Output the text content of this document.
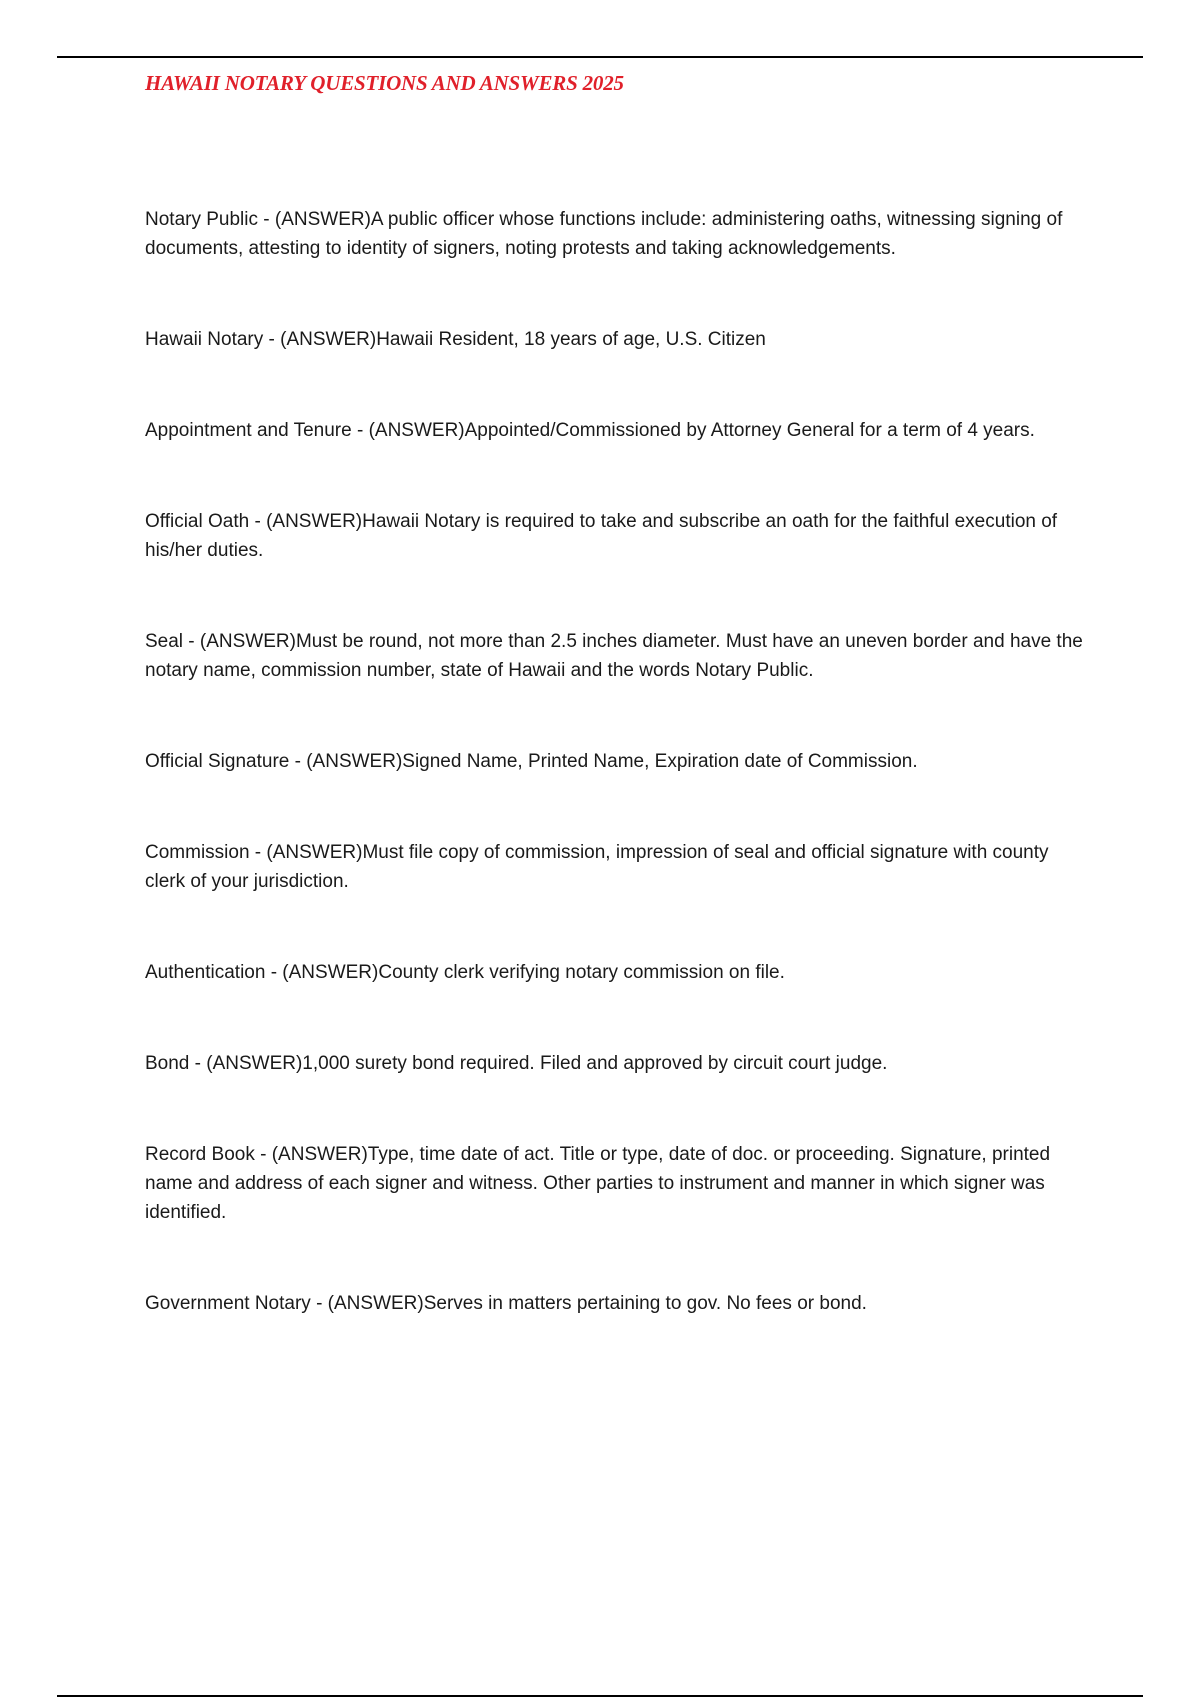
HAWAII NOTARY QUESTIONS AND ANSWERS 2025
Notary Public - (ANSWER)A public officer whose functions include: administering oaths, witnessing signing of documents, attesting to identity of signers, noting protests and taking acknowledgements.
Hawaii Notary - (ANSWER)Hawaii Resident, 18 years of age, U.S. Citizen
Appointment and Tenure - (ANSWER)Appointed/Commissioned by Attorney General for a term of 4 years.
Official Oath - (ANSWER)Hawaii Notary is required to take and subscribe an oath for the faithful execution of his/her duties.
Seal - (ANSWER)Must be round, not more than 2.5 inches diameter. Must have an uneven border and have the notary name, commission number, state of Hawaii and the words Notary Public.
Official Signature - (ANSWER)Signed Name, Printed Name, Expiration date of Commission.
Commission - (ANSWER)Must file copy of commission, impression of seal and official signature with county clerk of your jurisdiction.
Authentication - (ANSWER)County clerk verifying notary commission on file.
Bond - (ANSWER)1,000 surety bond required. Filed and approved by circuit court judge.
Record Book - (ANSWER)Type, time date of act. Title or type, date of doc. or proceeding. Signature, printed name and address of each signer and witness. Other parties to instrument and manner in which signer was identified.
Government Notary - (ANSWER)Serves in matters pertaining to gov. No fees or bond.
